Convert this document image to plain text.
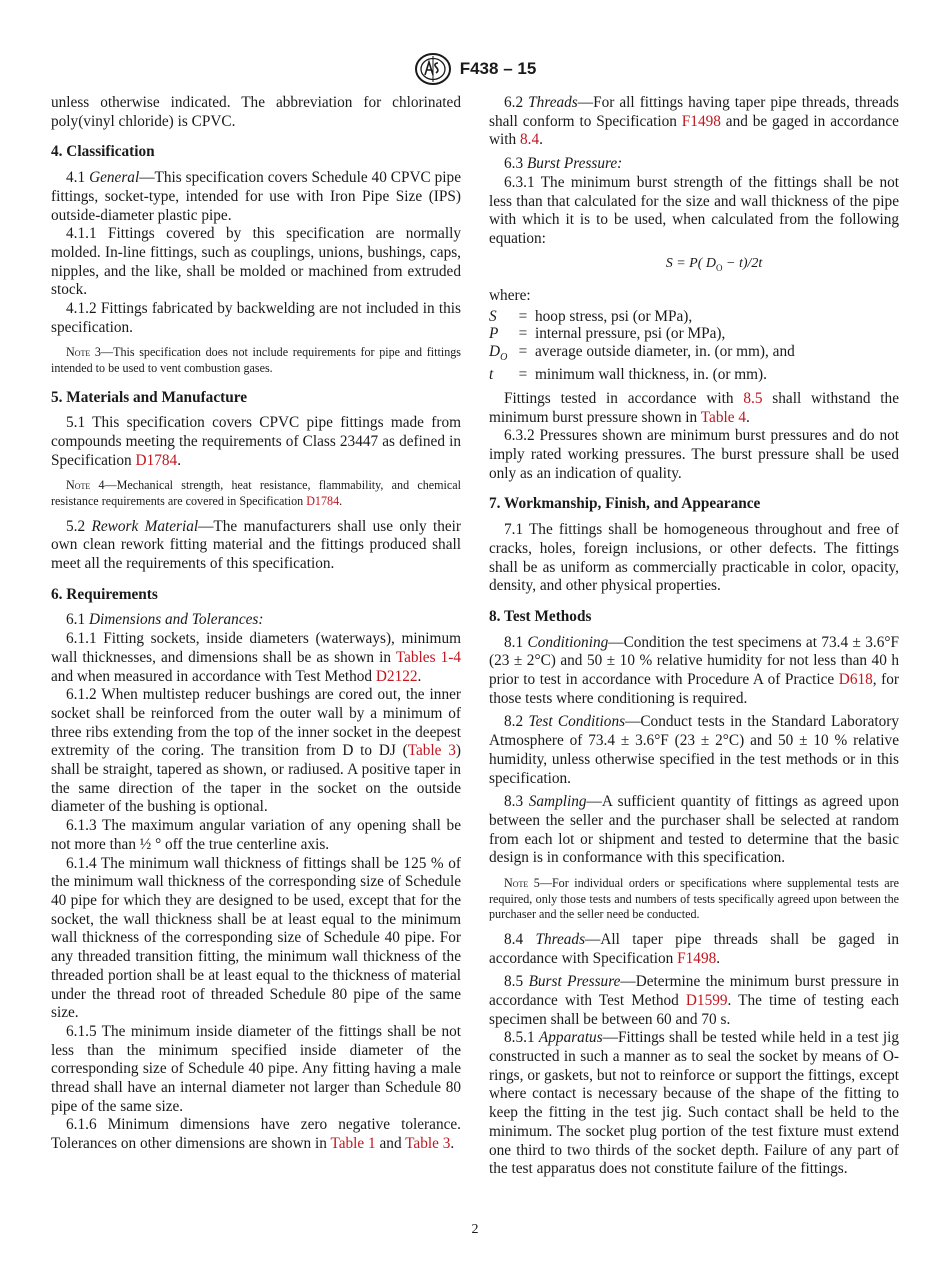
F438 – 15

unless otherwise indicated. The abbreviation for chlorinated poly(vinyl chloride) is CPVC.

4. Classification

4.1 General—This specification covers Schedule 40 CPVC pipe fittings, socket-type, intended for use with Iron Pipe Size (IPS) outside-diameter plastic pipe.

4.1.1 Fittings covered by this specification are normally molded. In-line fittings, such as couplings, unions, bushings, caps, nipples, and the like, shall be molded or machined from extruded stock.

4.1.2 Fittings fabricated by backwelding are not included in this specification.

Note 3—This specification does not include requirements for pipe and fittings intended to be used to vent combustion gases.
5. Materials and Manufacture

5.1 This specification covers CPVC pipe fittings made from compounds meeting the requirements of Class 23447 as defined in Specification D1784.

Note 4—Mechanical strength, heat resistance, flammability, and chemical resistance requirements are covered in Specification D1784.

5.2 Rework Material—The manufacturers shall use only their own clean rework fitting material and the fittings produced shall meet all the requirements of this specification.

6. Requirements

6.1 Dimensions and Tolerances:

6.1.1 Fitting sockets, inside diameters (waterways), minimum wall thicknesses, and dimensions shall be as shown in Tables 1-4 and when measured in accordance with Test Method D2122.

6.1.2 When multistep reducer bushings are cored out, the inner socket shall be reinforced from the outer wall by a minimum of three ribs extending from the top of the inner socket in the deepest extremity of the coring. The transition from D to DJ (Table 3) shall be straight, tapered as shown, or radiused. A positive taper in the same direction of the taper in the socket on the outside diameter of the bushing is optional.

6.1.3 The maximum angular variation of any opening shall be not more than ½ ° off the true centerline axis.

6.1.4 The minimum wall thickness of fittings shall be 125 % of the minimum wall thickness of the corresponding size of Schedule 40 pipe for which they are designed to be used, except that for the socket, the wall thickness shall be at least equal to the minimum wall thickness of the corresponding size of Schedule 40 pipe. For any threaded transition fitting, the minimum wall thickness of the threaded portion shall be at least equal to the thickness of material under the thread root of threaded Schedule 80 pipe of the same size.

6.1.5 The minimum inside diameter of the fittings shall be not less than the minimum specified inside diameter of the corresponding size of Schedule 40 pipe. Any fitting having a male thread shall have an internal diameter not larger than Schedule 80 pipe of the same size.

6.1.6 Minimum dimensions have zero negative tolerance. Tolerances on other dimensions are shown in Table 1 and Table 3.

6.2 Threads—For all fittings having taper pipe threads, threads shall conform to Specification F1498 and be gaged in accordance with 8.4.

6.3 Burst Pressure:

6.3.1 The minimum burst strength of the fittings shall be not less than that calculated for the size and wall thickness of the pipe with which it is to be used, when calculated from the following equation:

S = P( $D_O - t)/2t$

where:

S	=	hoop stress, psi (or MPa),
P	=	internal pressure, psi (or MPa),
$D_O$	=	average outside diameter, in. (or mm), and
t	=	minimum wall thickness, in. (or mm).

Fittings tested in accordance with 8.5 shall withstand the minimum burst pressure shown in Table 4.

6.3.2 Pressures shown are minimum burst pressures and do not imply rated working pressures. The burst pressure shall be used only as an indication of quality.

7. Workmanship, Finish, and Appearance

7.1 The fittings shall be homogeneous throughout and free of cracks, holes, foreign inclusions, or other defects. The fittings shall be as uniform as commercially practicable in color, opacity, density, and other physical properties.

8. Test Methods

8.1 Conditioning—Condition the test specimens at 73.4 ± 3.6°F (23 ± 2°C) and 50 ± 10 % relative humidity for not less than 40 h prior to test in accordance with Procedure A of Practice D618, for those tests where conditioning is required.

8.2 Test Conditions—Conduct tests in the Standard Laboratory Atmosphere of 73.4 ± 3.6°F (23 ± 2°C) and 50 ± 10 % relative humidity, unless otherwise specified in the test methods or in this specification.

8.3 Sampling—A sufficient quantity of fittings as agreed upon between the seller and the purchaser shall be selected at random from each lot or shipment and tested to determine that the basic design is in conformance with this specification.

Note 5—For individual orders or specifications where supplemental tests are required, only those tests and numbers of tests specifically agreed upon between the purchaser and the seller need be conducted.

8.4 Threads—All taper pipe threads shall be gaged in accordance with Specification F1498.

8.5 Burst Pressure—Determine the minimum burst pressure in accordance with Test Method D1599. The time of testing each specimen shall be between 60 and 70 s.

8.5.1 Apparatus—Fittings shall be tested while held in a test jig constructed in such a manner as to seal the socket by means of O-rings, or gaskets, but not to reinforce or support the fittings, except where contact is necessary because of the shape of the fitting to keep the fitting in the test jig. Such contact shall be held to the minimum. The socket plug portion of the test fixture must extend one third to two thirds of the socket depth. Failure of any part of the test apparatus does not constitute failure of the fittings.

2
